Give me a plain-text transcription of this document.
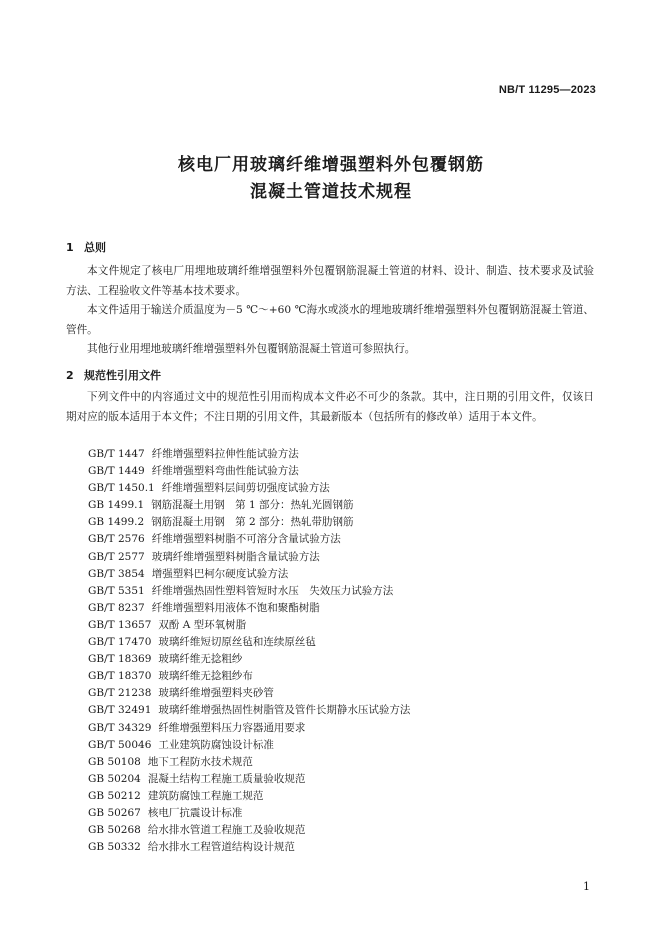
NB/T 11295—2023
核电厂用玻璃纤维增强塑料外包覆钢筋
混凝土管道技术规程
1 总则

本文件规定了核电厂用埋地玻璃纤维增强塑料外包覆钢筋混凝土管道的材料、设计、制造、技术要求及试验方法、工程验收文件等基本技术要求。

本文件适用于输送介质温度为－5 ℃～+60 ℃海水或淡水的埋地玻璃纤维增强塑料外包覆钢筋混凝土管道、管件。

其他行业用埋地玻璃纤维增强塑料外包覆钢筋混凝土管道可参照执行。

2 规范性引用文件

下列文件中的内容通过文中的规范性引用而构成本文件必不可少的条款。其中，注日期的引用文件，仅该日期对应的版本适用于本文件；不注日期的引用文件，其最新版本（包括所有的修改单）适用于本文件。

GB/T 1447 纤维增强塑料拉伸性能试验方法
GB/T 1449 纤维增强塑料弯曲性能试验方法
GB/T 1450.1 纤维增强塑料层间剪切强度试验方法
GB 1499.1 钢筋混凝土用钢　第 1 部分：热轧光圆钢筋
GB 1499.2 钢筋混凝土用钢　第 2 部分：热轧带肋钢筋
GB/T 2576 纤维增强塑料树脂不可溶分含量试验方法
GB/T 2577 玻璃纤维增强塑料树脂含量试验方法
GB/T 3854 增强塑料巴柯尔硬度试验方法
GB/T 5351 纤维增强热固性塑料管短时水压　失效压力试验方法
GB/T 8237 纤维增强塑料用液体不饱和聚酯树脂
GB/T 13657 双酚 A 型环氧树脂
GB/T 17470 玻璃纤维短切原丝毡和连续原丝毡
GB/T 18369 玻璃纤维无捻粗纱
GB/T 18370 玻璃纤维无捻粗纱布
GB/T 21238 玻璃纤维增强塑料夹砂管
GB/T 32491 玻璃纤维增强热固性树脂管及管件长期静水压试验方法
GB/T 34329 纤维增强塑料压力容器通用要求
GB/T 50046 工业建筑防腐蚀设计标准
GB 50108 地下工程防水技术规范
GB 50204 混凝土结构工程施工质量验收规范
GB 50212 建筑防腐蚀工程施工规范
GB 50267 核电厂抗震设计标准
GB 50268 给水排水管道工程施工及验收规范
GB 50332 给水排水工程管道结构设计规范
1
